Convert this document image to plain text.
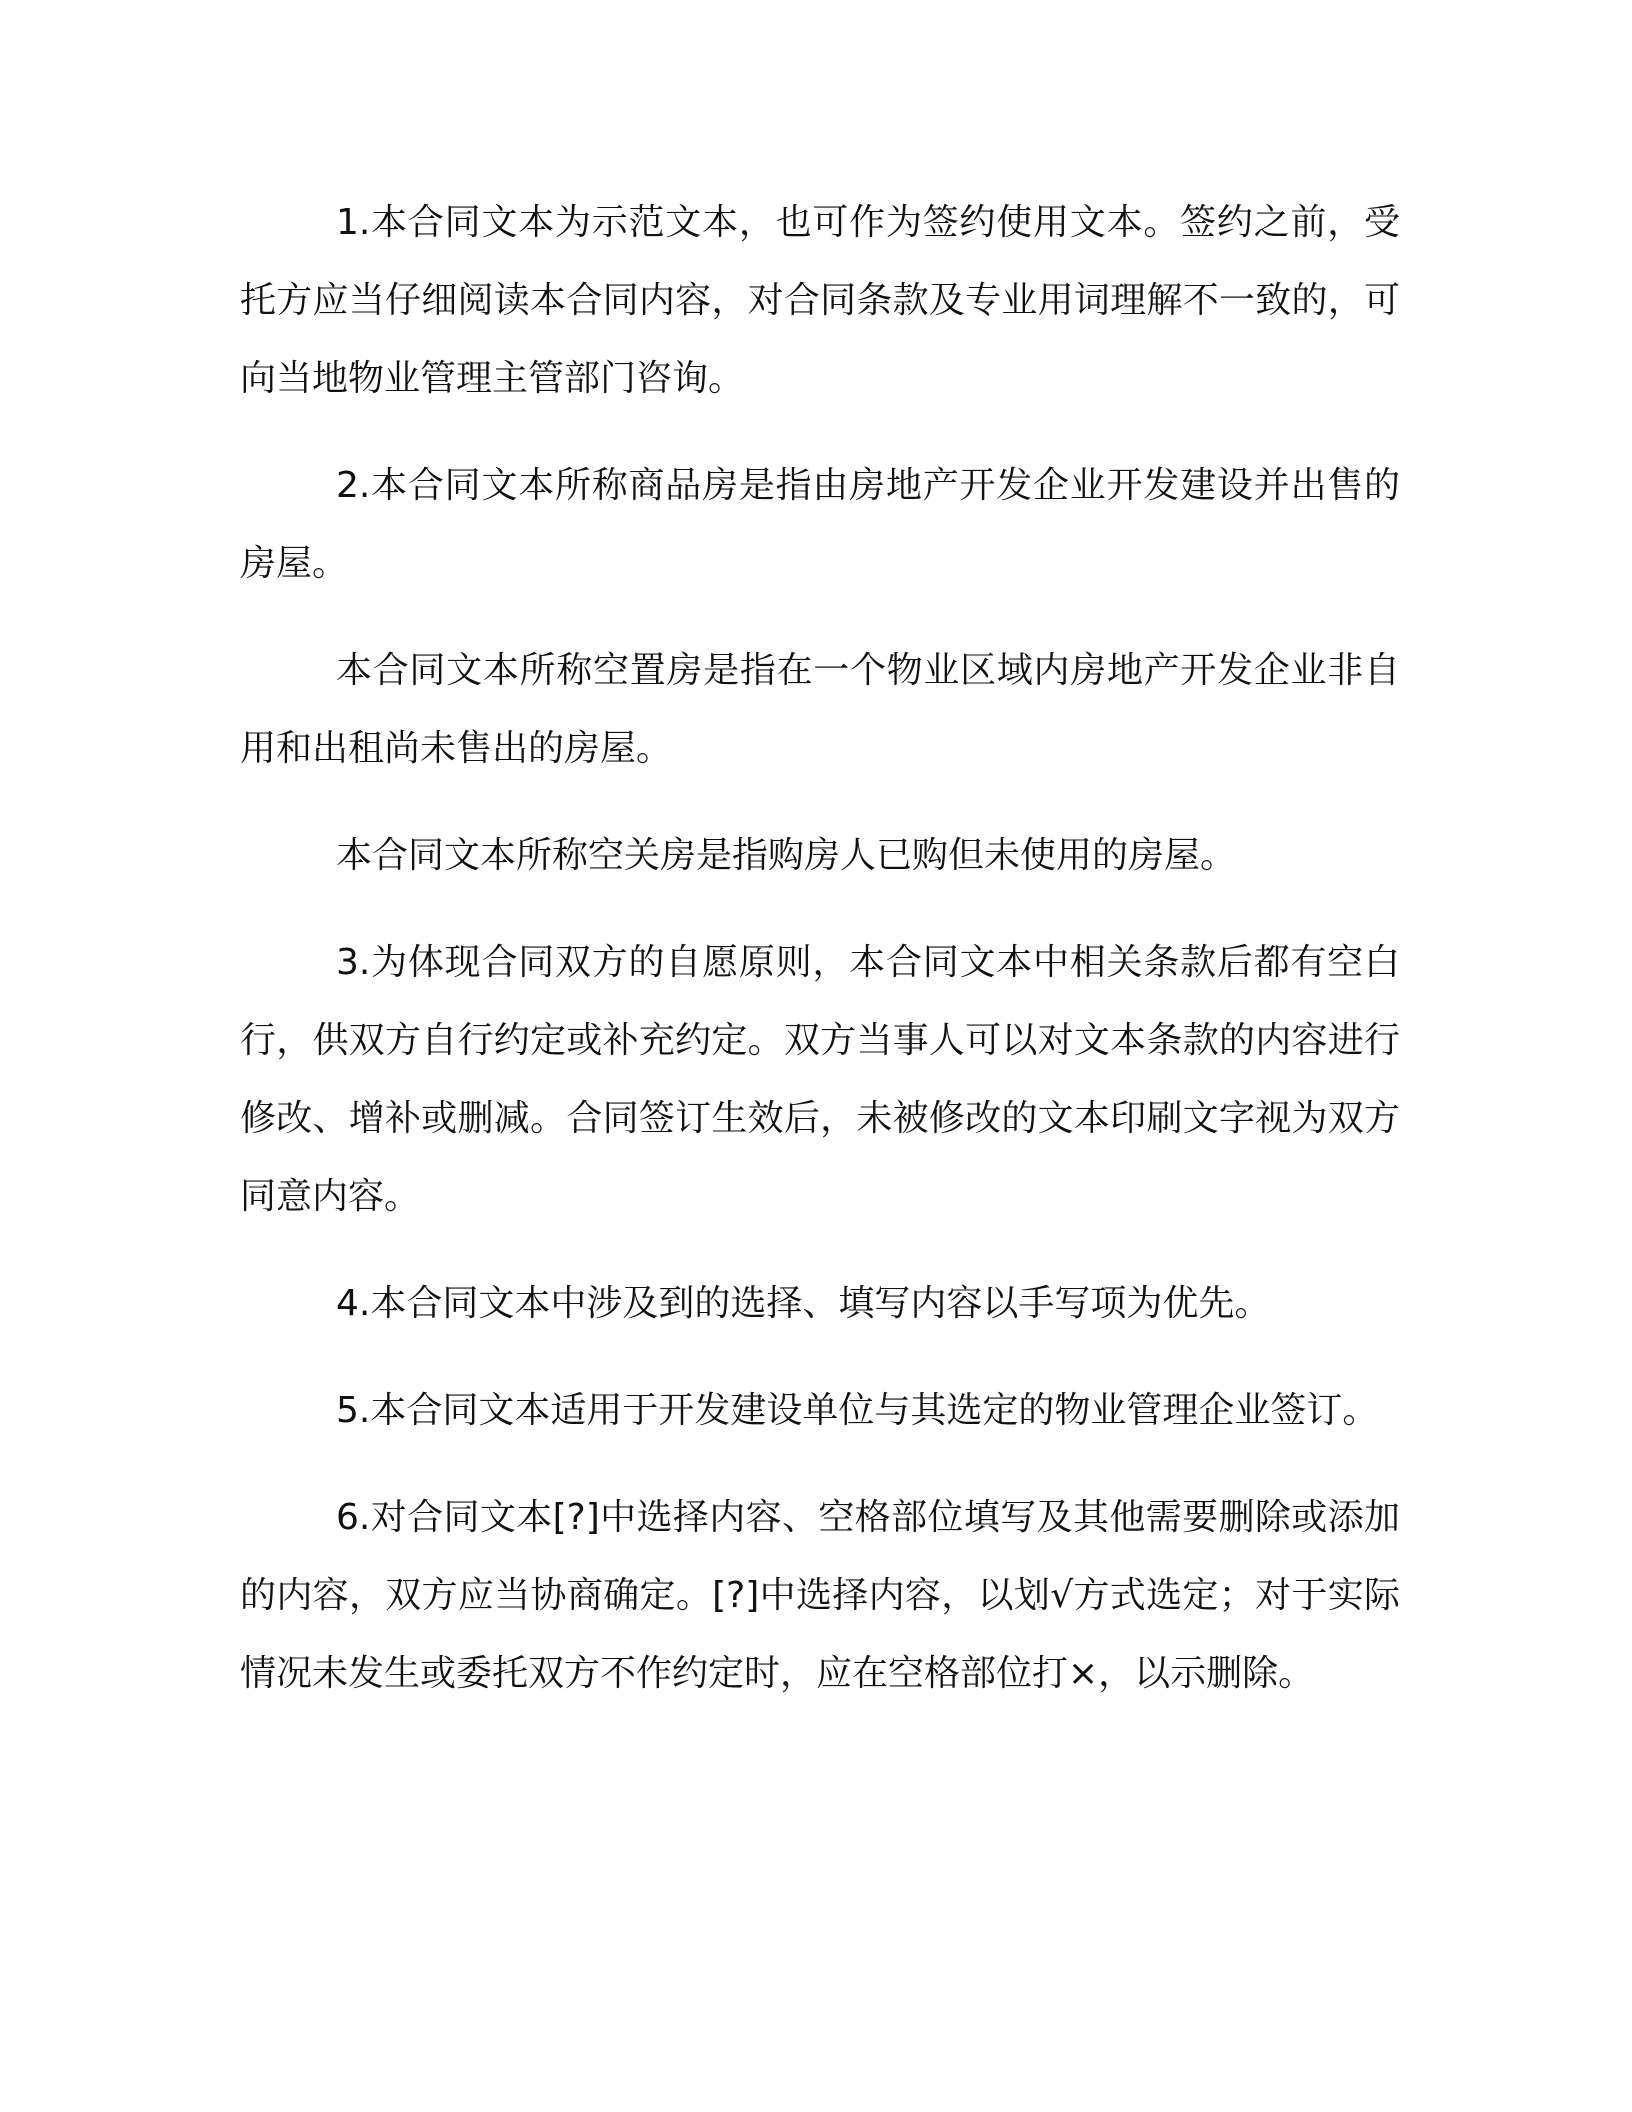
1.本合同文本为示范文本，也可作为签约使用文本。签约之前，受托方应当仔细阅读本合同内容，对合同条款及专业用词理解不一致的，可向当地物业管理主管部门咨询。

2.本合同文本所称商品房是指由房地产开发企业开发建设并出售的房屋。

本合同文本所称空置房是指在一个物业区域内房地产开发企业非自用和出租尚未售出的房屋。

本合同文本所称空关房是指购房人已购但未使用的房屋。

3.为体现合同双方的自愿原则，本合同文本中相关条款后都有空白行，供双方自行约定或补充约定。双方当事人可以对文本条款的内容进行修改、增补或删减。合同签订生效后，未被修改的文本印刷文字视为双方同意内容。

4.本合同文本中涉及到的选择、填写内容以手写项为优先。

5.本合同文本适用于开发建设单位与其选定的物业管理企业签订。

6.对合同文本[?]中选择内容、空格部位填写及其他需要删除或添加的内容，双方应当协商确定。[?]中选择内容，以划√方式选定；对于实际情况未发生或委托双方不作约定时，应在空格部位打×，以示删除。
